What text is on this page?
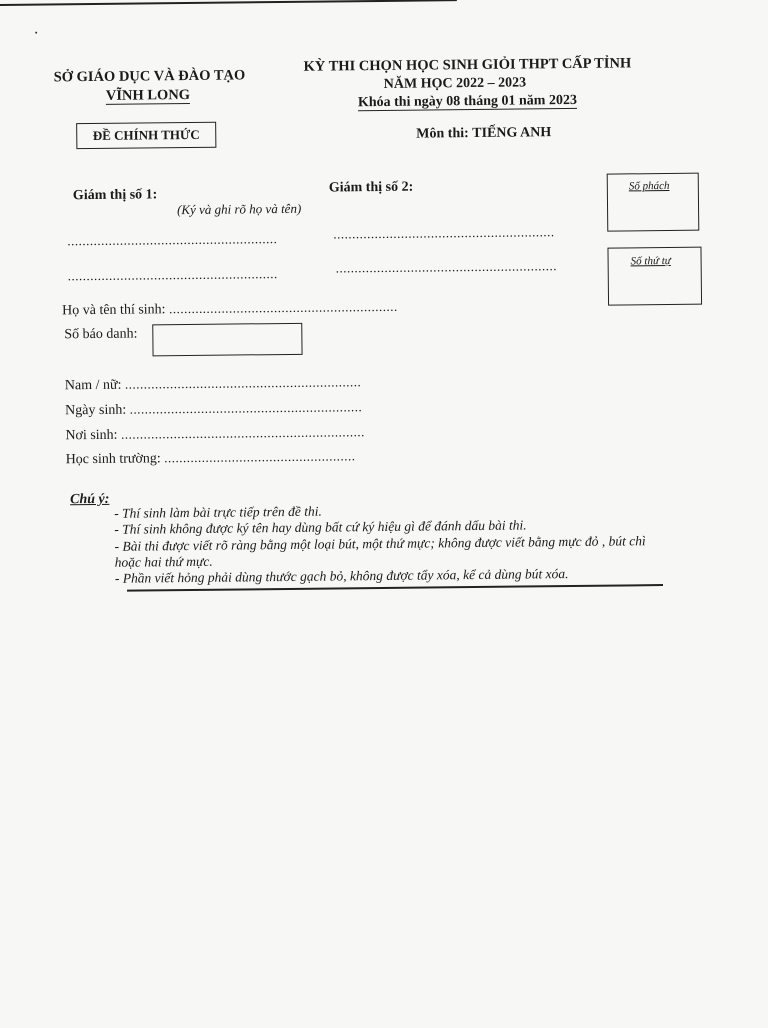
SỞ GIÁO DỤC VÀ ĐÀO TẠO
VĨNH LONG
ĐỀ CHÍNH THỨC
KỲ THI CHỌN HỌC SINH GIỎI THPT CẤP TỈNH
NĂM HỌC 2022 – 2023
Khóa thi ngày 08 tháng 01 năm 2023
Môn thi: TIẾNG ANH
Giám thị số 1:	Giám thị số 2:
(Ký và ghi rõ họ và tên)
........................................................	...........................................................
........................................................	...........................................................
Số phách
Số thứ tự
Họ và tên thí sinh: .............................................................
Số báo danh:
Nam / nữ: ...............................................................
Ngày sinh: ..............................................................
Nơi sinh: .................................................................
Học sinh trường: ...................................................
Chú ý:
- Thí sinh làm bài trực tiếp trên đề thi.
- Thí sinh không được ký tên hay dùng bất cứ ký hiệu gì để đánh dấu bài thi.
- Bài thi được viết rõ ràng bằng một loại bút, một thứ mực; không được viết bằng mực đỏ , bút chì
hoặc hai thứ mực.
- Phần viết hỏng phải dùng thước gạch bỏ, không được tẩy xóa, kể cả dùng bút xóa.
